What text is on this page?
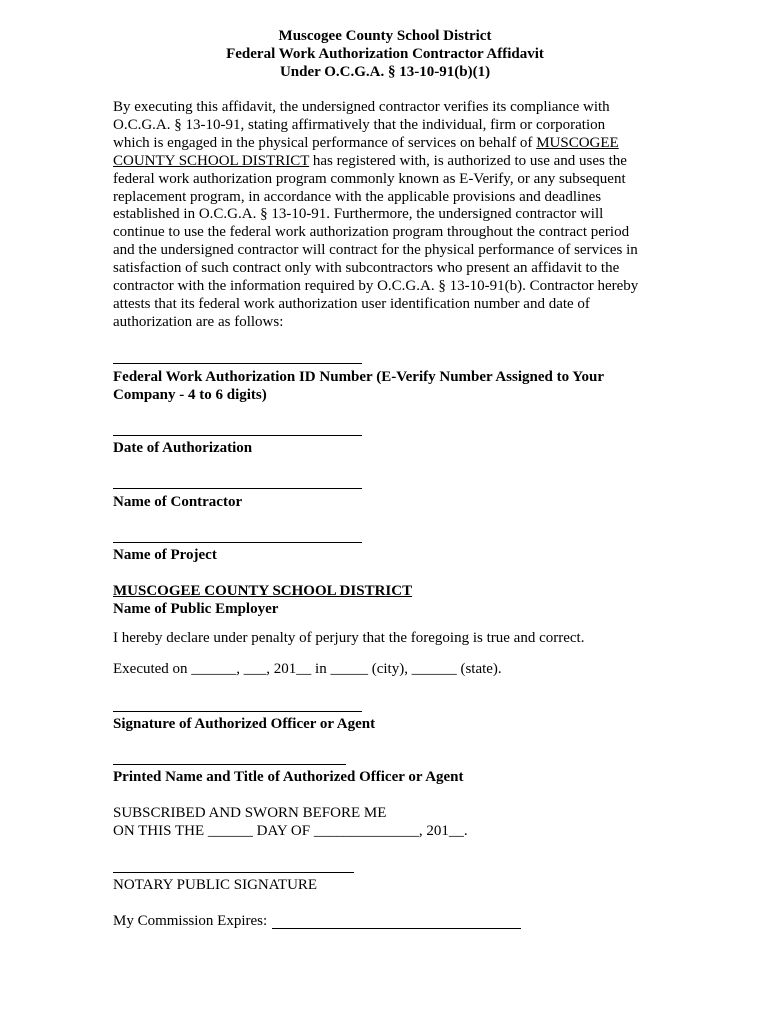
Muscogee County School District
Federal Work Authorization Contractor Affidavit
Under O.C.G.A. § 13-10-91(b)(1)
By executing this affidavit, the undersigned contractor verifies its compliance with
O.C.G.A. § 13-10-91, stating affirmatively that the individual, firm or corporation
which is engaged in the physical performance of services on behalf of MUSCOGEE
COUNTY SCHOOL DISTRICT has registered with, is authorized to use and uses the
federal work authorization program commonly known as E-Verify, or any subsequent
replacement program, in accordance with the applicable provisions and deadlines
established in O.C.G.A. § 13-10-91. Furthermore, the undersigned contractor will
continue to use the federal work authorization program throughout the contract period
and the undersigned contractor will contract for the physical performance of services in
satisfaction of such contract only with subcontractors who present an affidavit to the
contractor with the information required by O.C.G.A. § 13-10-91(b). Contractor hereby
attests that its federal work authorization user identification number and date of
authorization are as follows:
Federal Work Authorization ID Number (E-Verify Number Assigned to Your
Company - 4 to 6 digits)
Date of Authorization
Name of Contractor
Name of Project
MUSCOGEE COUNTY SCHOOL DISTRICT
Name of Public Employer
I hereby declare under penalty of perjury that the foregoing is true and correct.
Executed on ______, ___, 201__ in _____ (city), ______ (state).
Signature of Authorized Officer or Agent
Printed Name and Title of Authorized Officer or Agent
SUBSCRIBED AND SWORN BEFORE ME
ON THIS THE ______ DAY OF ______________, 201__.
NOTARY PUBLIC SIGNATURE
My Commission Expires:
